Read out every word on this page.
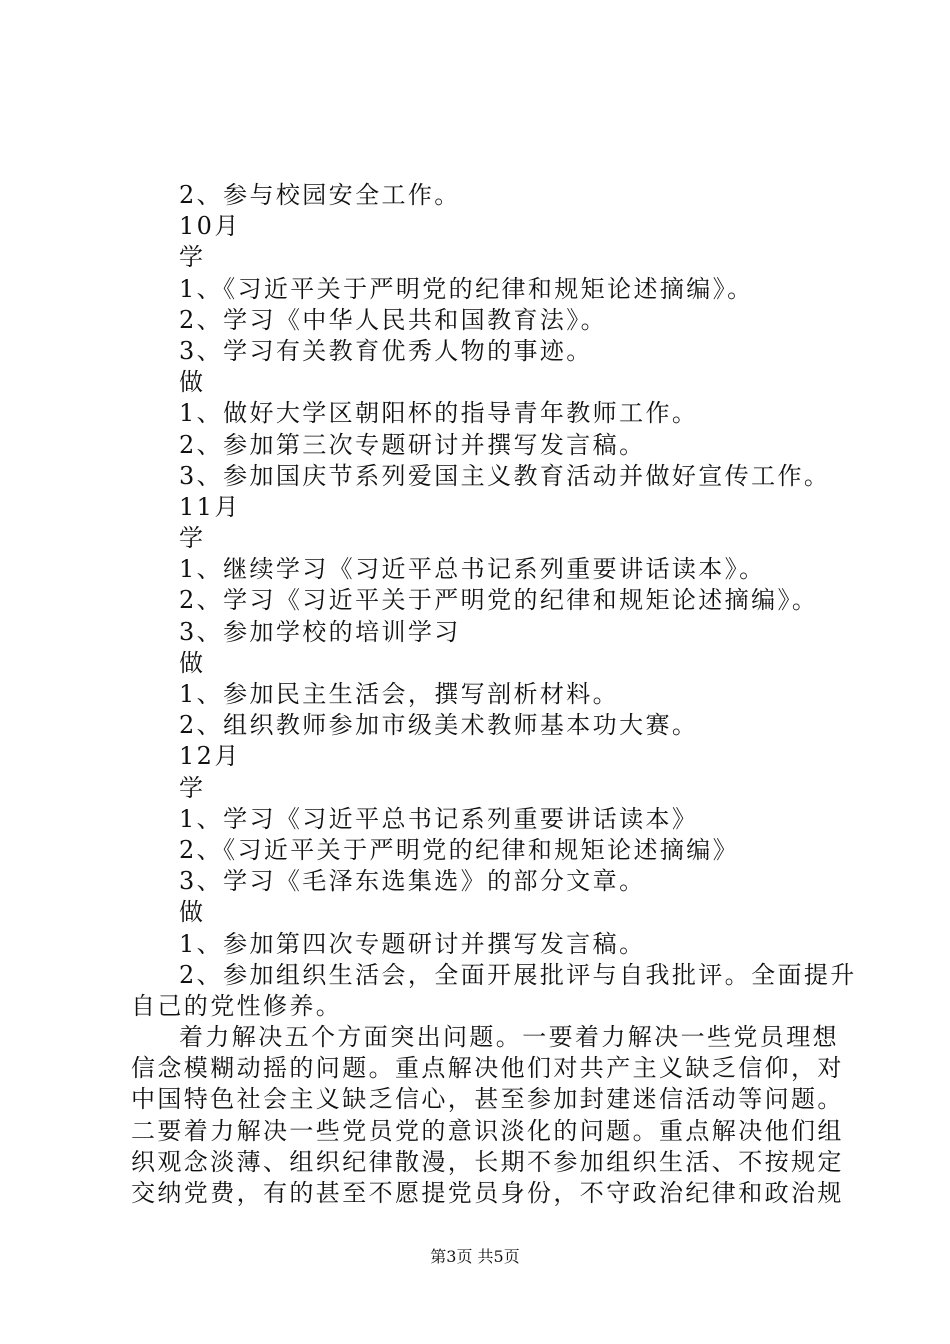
2、参与校园安全工作。
10月
学
1、《习近平关于严明党的纪律和规矩论述摘编》。
2、学习《中华人民共和国教育法》。
3、学习有关教育优秀人物的事迹。
做
1、做好大学区朝阳杯的指导青年教师工作。
2、参加第三次专题研讨并撰写发言稿。
3、参加国庆节系列爱国主义教育活动并做好宣传工作。
11月
学
1、继续学习《习近平总书记系列重要讲话读本》。
2、学习《习近平关于严明党的纪律和规矩论述摘编》。
3、参加学校的培训学习
做
1、参加民主生活会，撰写剖析材料。
2、组织教师参加市级美术教师基本功大赛。
12月
学
1、学习《习近平总书记系列重要讲话读本》
2、《习近平关于严明党的纪律和规矩论述摘编》
3、学习《毛泽东选集选》的部分文章。
做
1、参加第四次专题研讨并撰写发言稿。
2、参加组织生活会，全面开展批评与自我批评。全面提升
自己的党性修养。
着力解决五个方面突出问题。一要着力解决一些党员理想
信念模糊动摇的问题。重点解决他们对共产主义缺乏信仰，对
中国特色社会主义缺乏信心，甚至参加封建迷信活动等问题。
二要着力解决一些党员党的意识淡化的问题。重点解决他们组
织观念淡薄、组织纪律散漫，长期不参加组织生活、不按规定
交纳党费，有的甚至不愿提党员身份，不守政治纪律和政治规
第3页 共5页
